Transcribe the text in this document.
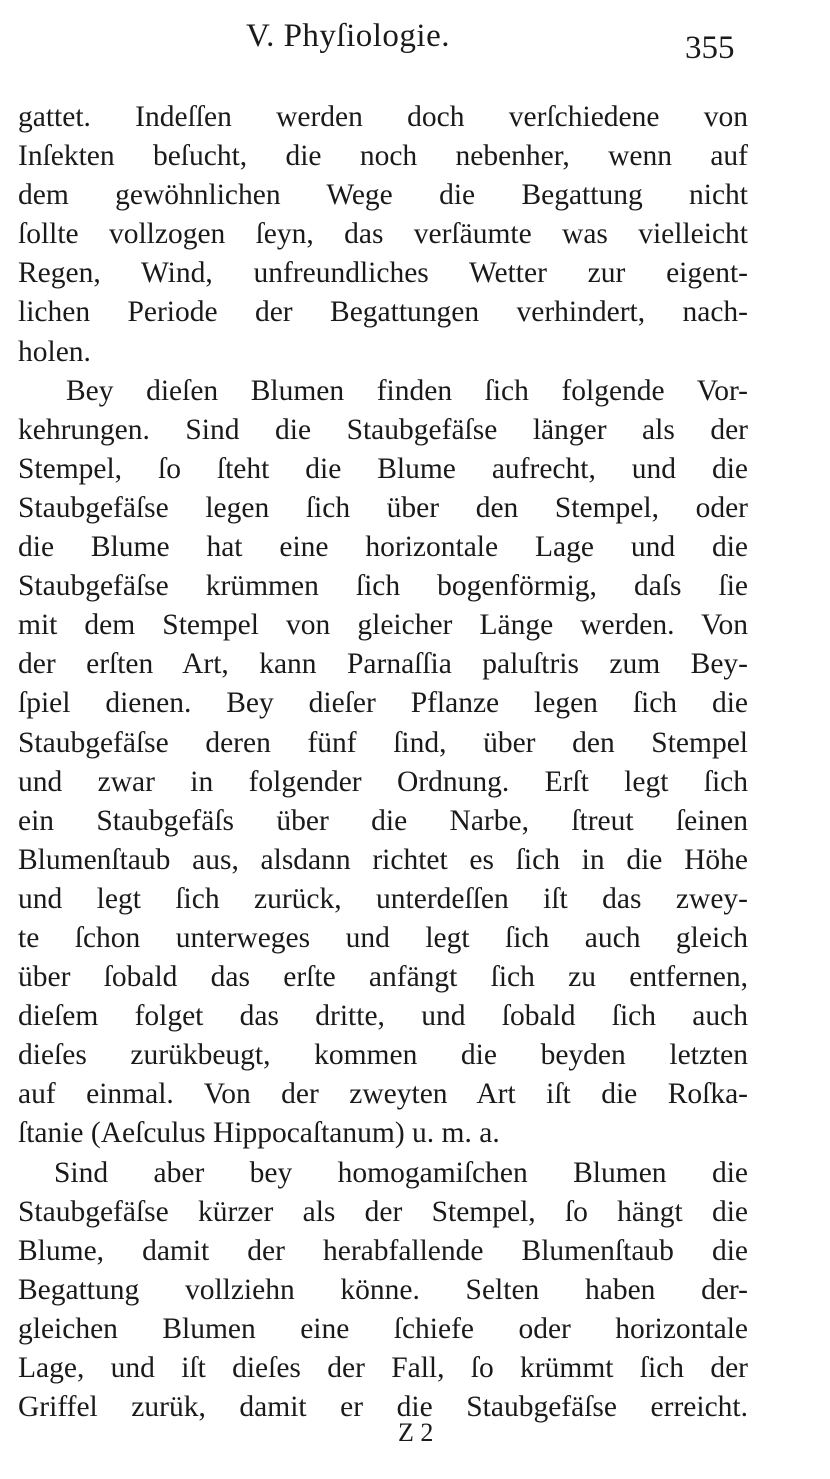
V. Phyſiologie.	355
gattet. Indeſſen werden doch verſchiedene von
Inſekten beſucht, die noch nebenher, wenn auf
dem gewöhnlichen Wege die Begattung nicht
ſollte vollzogen ſeyn, das verſäumte was vielleicht
Regen, Wind, unfreundliches Wetter zur eigent-
lichen Periode der Begattungen verhindert, nach-
holen.
Bey dieſen Blumen finden ſich folgende Vor-
kehrungen. Sind die Staubgefäſse länger als der
Stempel, ſo ſteht die Blume aufrecht, und die
Staubgefäſse legen ſich über den Stempel, oder
die Blume hat eine horizontale Lage und die
Staubgefäſse krümmen ſich bogenförmig, daſs ſie
mit dem Stempel von gleicher Länge werden. Von
der erſten Art, kann Parnaſſia paluſtris zum Bey-
ſpiel dienen. Bey dieſer Pflanze legen ſich die
Staubgefäſse deren fünf ſind, über den Stempel
und zwar in folgender Ordnung. Erſt legt ſich
ein Staubgefäſs über die Narbe, ſtreut ſeinen
Blumenſtaub aus, alsdann richtet es ſich in die Höhe
und legt ſich zurück, unterdeſſen iſt das zwey-
te ſchon unterweges und legt ſich auch gleich
über ſobald das erſte anfängt ſich zu entfernen,
dieſem folget das dritte, und ſobald ſich auch
dieſes zurükbeugt, kommen die beyden letzten
auf einmal. Von der zweyten Art iſt die Roſka-
ſtanie (Aeſculus Hippocaſtanum) u. m. a.
Sind aber bey homogamiſchen Blumen die
Staubgefäſse kürzer als der Stempel, ſo hängt die
Blume, damit der herabfallende Blumenſtaub die
Begattung vollziehn könne. Selten haben der-
gleichen Blumen eine ſchiefe oder horizontale
Lage, und iſt dieſes der Fall, ſo krümmt ſich der
Griffel zurük, damit er die Staubgefäſse erreicht.
Z 2
